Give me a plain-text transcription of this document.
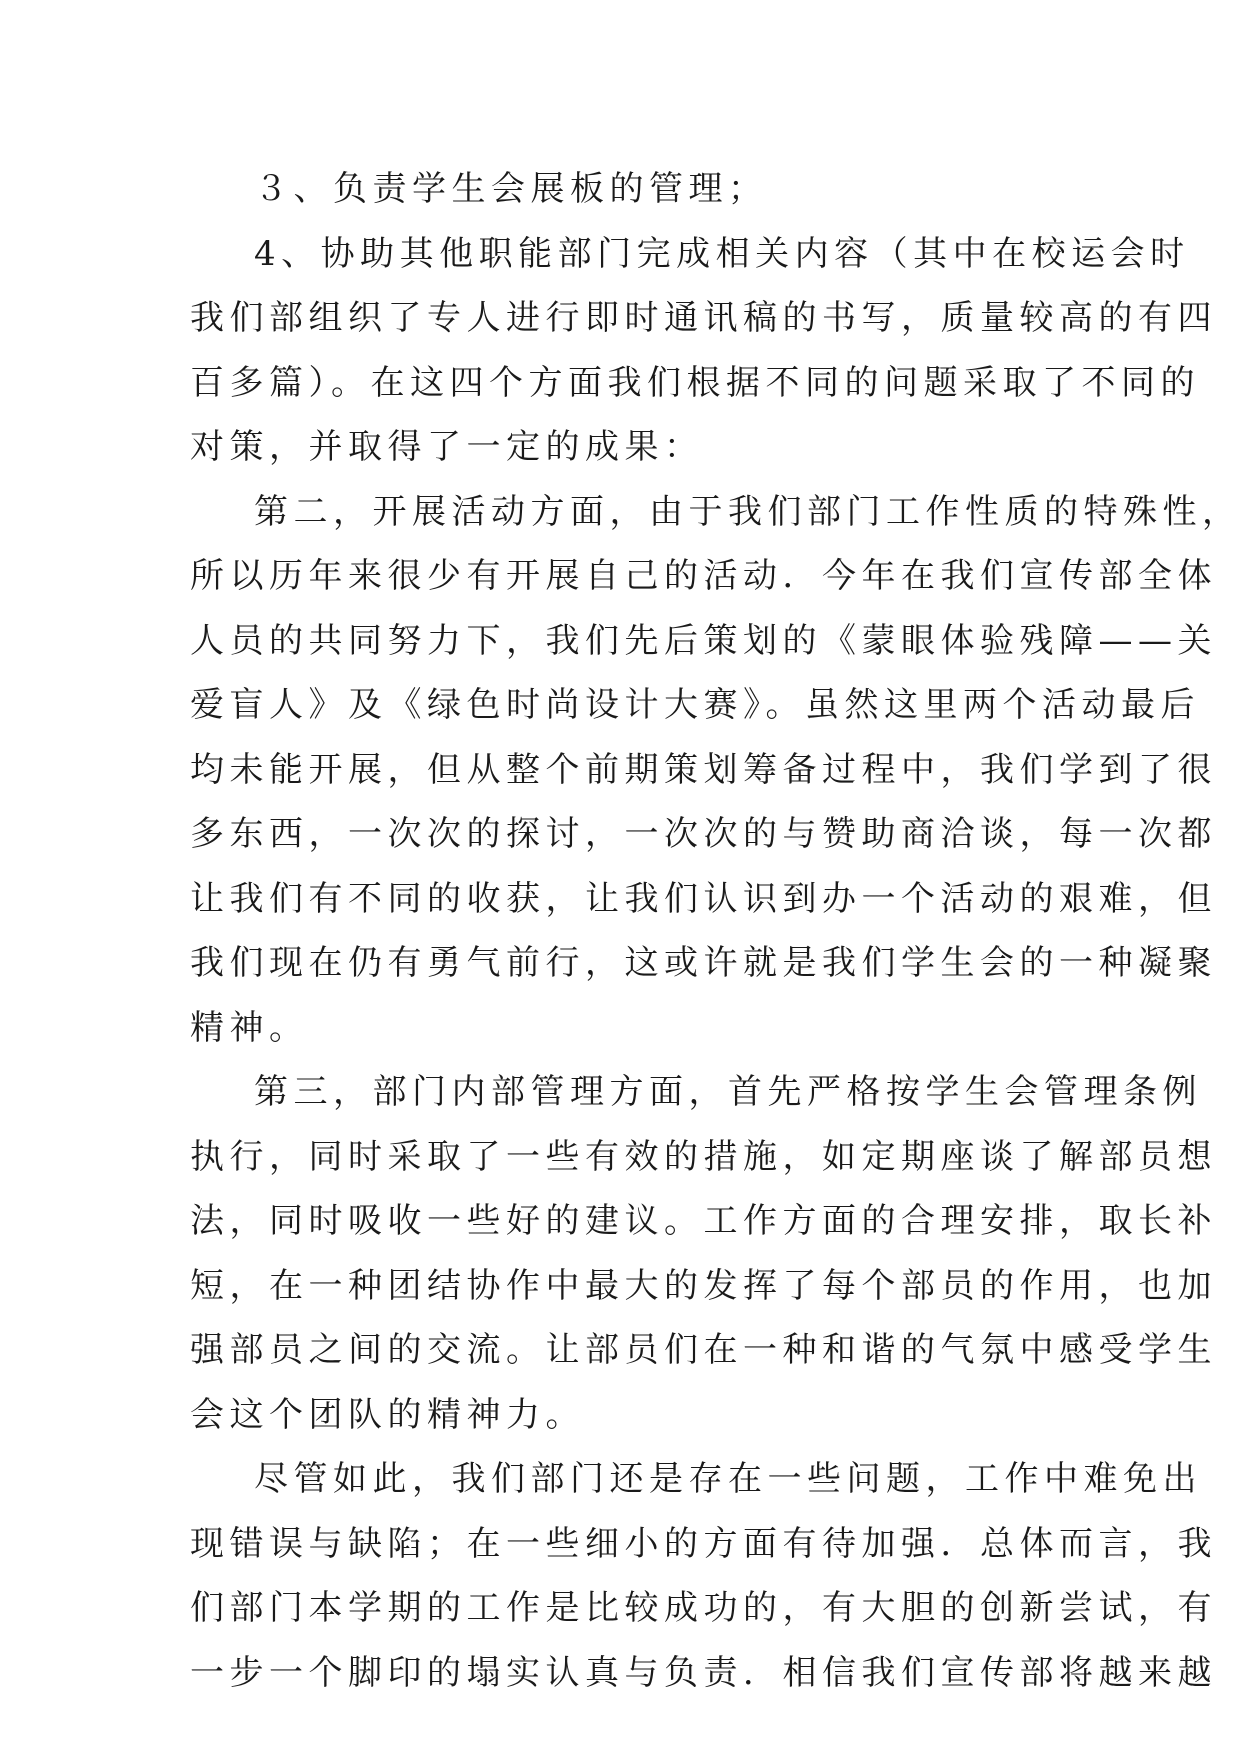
３、负责学生会展板的管理；
4、协助其他职能部门完成相关内容（其中在校运会时
我们部组织了专人进行即时通讯稿的书写，质量较高的有四
百多篇）。在这四个方面我们根据不同的问题采取了不同的
对策，并取得了一定的成果：
第二，开展活动方面，由于我们部门工作性质的特殊性，
所以历年来很少有开展自己的活动．今年在我们宣传部全体
人员的共同努力下，我们先后策划的《蒙眼体验残障——关
爱盲人》及《绿色时尚设计大赛》。虽然这里两个活动最后
均未能开展，但从整个前期策划筹备过程中，我们学到了很
多东西，一次次的探讨，一次次的与赞助商洽谈，每一次都
让我们有不同的收获，让我们认识到办一个活动的艰难，但
我们现在仍有勇气前行，这或许就是我们学生会的一种凝聚
精神。
第三，部门内部管理方面，首先严格按学生会管理条例
执行，同时采取了一些有效的措施，如定期座谈了解部员想
法，同时吸收一些好的建议。工作方面的合理安排，取长补
短，在一种团结协作中最大的发挥了每个部员的作用，也加
强部员之间的交流。让部员们在一种和谐的气氛中感受学生
会这个团队的精神力。
尽管如此，我们部门还是存在一些问题，工作中难免出
现错误与缺陷；在一些细小的方面有待加强．总体而言，我
们部门本学期的工作是比较成功的，有大胆的创新尝试，有
一步一个脚印的塌实认真与负责．相信我们宣传部将越来越
